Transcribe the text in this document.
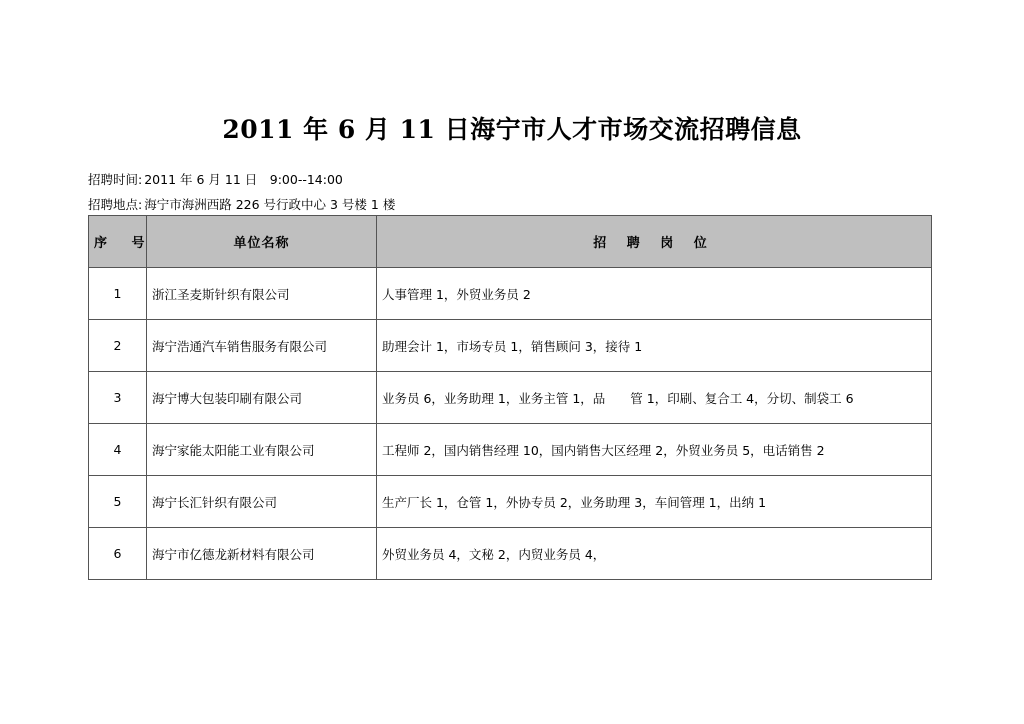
2011 年 6 月 11 日海宁市人才市场交流招聘信息
招聘时间: 2011 年 6 月 11 日　9:00--14:00
招聘地点: 海宁市海洲西路 226 号行政中心 3 号楼 1 楼
序 号	单位名称	招 聘 岗 位
1	浙江圣麦斯针织有限公司	人事管理 1，外贸业务员 2
2	海宁浩通汽车销售服务有限公司	助理会计 1，市场专员 1，销售顾问 3，接待 1
3	海宁博大包装印刷有限公司	业务员 6，业务助理 1，业务主管 1，品　　管 1，印刷、复合工 4，分切、制袋工 6
4	海宁家能太阳能工业有限公司	工程师 2，国内销售经理 10，国内销售大区经理 2，外贸业务员 5，电话销售 2
5	海宁长汇针织有限公司	生产厂长 1，仓管 1，外协专员 2，业务助理 3，车间管理 1，出纳 1
6	海宁市亿德龙新材料有限公司	外贸业务员 4，文秘 2，内贸业务员 4，
